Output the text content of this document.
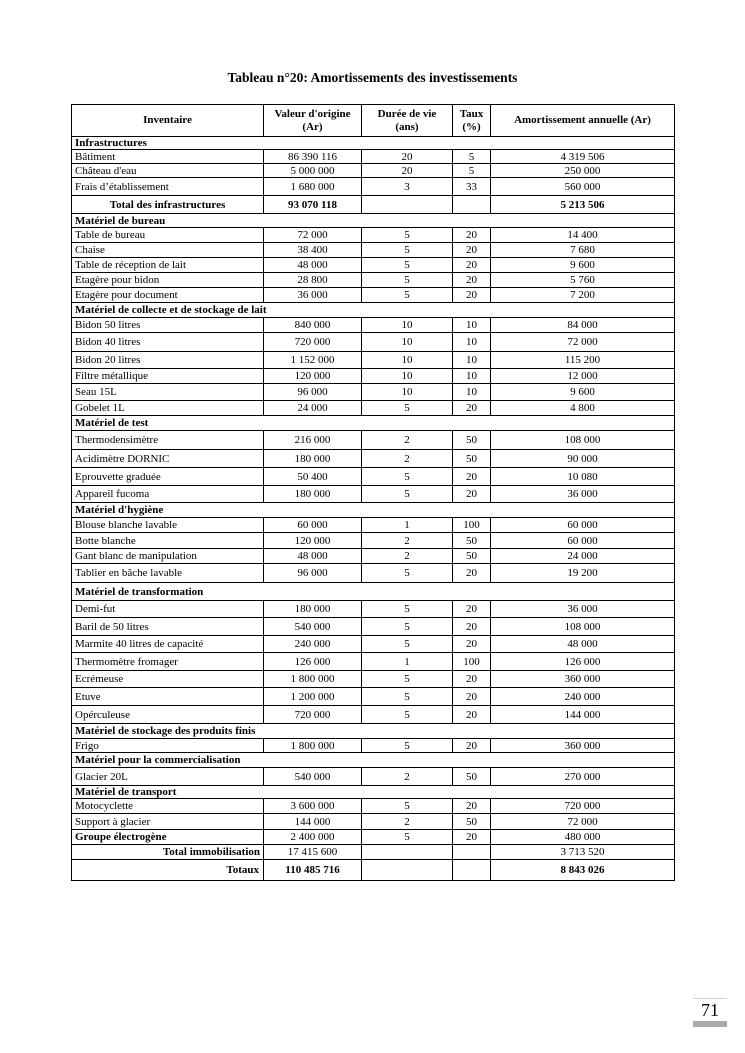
Tableau n°20: Amortissements des investissements
Inventaire	Valeur d'origine (Ar)	Durée de vie (ans)	Taux (%)	Amortissement annuelle (Ar)
Infrastructures				
Bâtiment	86 390 116	20	5	4 319 506
Château d'eau	5 000 000	20	5	250 000
Frais d’établissement	1 680 000	3	33	560 000
Total des infrastructures	93 070 118			5 213 506
Matériel de bureau				
Table de bureau	72 000	5	20	14 400
Chaise	38 400	5	20	7 680
Table de réception de lait	48 000	5	20	9 600
Etagère pour bidon	28 800	5	20	5 760
Etagère pour document	36 000	5	20	7 200
Matériel de collecte et de stockage de lait				
Bidon 50 litres	840 000	10	10	84 000
Bidon 40 litres	720 000	10	10	72 000
Bidon 20 litres	1 152 000	10	10	115 200
Filtre métallique	120 000	10	10	12 000
Seau 15L	96 000	10	10	9 600
Gobelet 1L	24 000	5	20	4 800
Matériel de test				
Thermodensimètre	216 000	2	50	108 000
Acidimètre DORNIC	180 000	2	50	90 000
Eprouvette graduée	50 400	5	20	10 080
Appareil fucoma	180 000	5	20	36 000
Matériel d'hygiène				
Blouse blanche lavable	60 000	1	100	60 000
Botte blanche	120 000	2	50	60 000
Gant blanc de manipulation	48 000	2	50	24 000
Tablier en bâche lavable	96 000	5	20	19 200
Matériel de transformation				
Demi-fut	180 000	5	20	36 000
Baril de 50 litres	540 000	5	20	108 000
Marmite 40 litres de capacité	240 000	5	20	48 000
Thermomètre fromager	126 000	1	100	126 000
Ecrémeuse	1 800 000	5	20	360 000
Etuve	1 200 000	5	20	240 000
Opérculeuse	720 000	5	20	144 000
Matériel de stockage des produits finis				
Frigo	1 800 000	5	20	360 000
Matériel pour la commercialisation				
Glacier 20L	540 000	2	50	270 000
Matériel de transport				
Motocyclette	3 600 000	5	20	720 000
Support à glacier	144 000	2	50	72 000
Groupe électrogène	2 400 000	5	20	480 000
Total immobilisation	17 415 600			3 713 520
Totaux	110 485 716			8 843 026
71
